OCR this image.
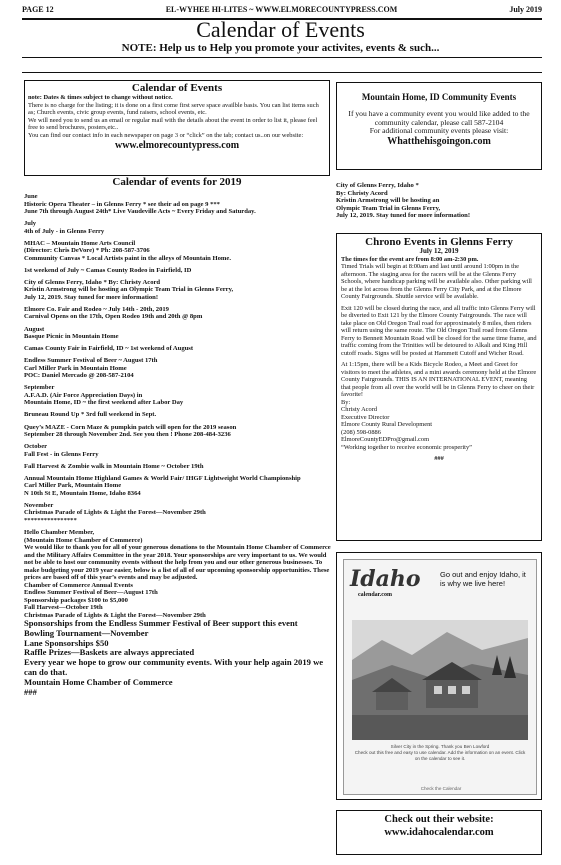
PAGE 12	EL-WYHEE HI-LITES ~ WWW.ELMORECOUNTYPRESS.COM	July 2019
Calendar of Events
NOTE: Help us to Help you promote your activites, events & such...
Calendar of Events
note: Dates & times subject to change without notice.
There is no charge for the listing; it is done on a first come first serve space availble basis. You can list items such as; Church events, civic group events, fund raisers, school events, etc.
We will need you to send us an email or regular mail with the details about the event in order to list it, please feel free to send brochures, posters,etc..
You can find our contact info in each newspaper on page 3 or “click” on the tab; contact us..on our website:
www.elmorecountypress.com
Calendar of events for 2019

June
Historic Opera Theater – in Glenns Ferry * see their ad on page 9 ***
June 7th through August 24th* Live Vaudeville Acts ~ Every Friday and Saturday.

July
4th of July - in Glenns Ferry

MHAC – Mountain Home Arts Council
(Director: Chris DeVore) * Ph: 208-587-3706
Community Canvas * Local Artists paint in the alleys of Mountain Home.

1st weekend of July ~ Camas County Rodeo in Fairfield, ID

City of Glenns Ferry, Idaho * By: Christy Acord
Kristin Armstrong will be hosting an Olympic Team Trial in Glenns Ferry,
July 12, 2019. Stay tuned for more information!

Elmore Co. Fair and Rodeo ~ July 14th - 20th, 2019
Carnival Opens on the 17th, Open Rodeo 19th and 20th @ 8pm

August
Basque Picnic in Mountain Home

Camas County Fair in Fairfield, ID ~ 1st weekend of August

Endless Summer Festival of Beer ~ August 17th
Carl Miller Park in Mountain Home
POC: Daniel Mercado @ 208-587-2104

September
A.F.A.D. (Air Force Appreciation Days) in
Mountain Home, ID ~ the first weekend after Labor Day

Bruneau Round Up * 3rd full weekend in Sept.

Quey’s MAZE - Corn Maze & pumpkin patch will open for the 2019 season
September 28 through November 2nd. See you then ! Phone 208-484-3236

October
Fall Fest - in Glenns Ferry

Fall Harvest & Zombie walk in Mountain Home ~ October 19th

Annual Mountain Home Highland Games & World Fair/ IHGF Lightweight World Championship
Carl Miller Park, Mountain Home
N 10th St E, Mountain Home, Idaho 8364

November
Christmas Parade of Lights & Light the Forest—November 29th
****************

Hello Chamber Member,
(Mountain Home Chamber of Commerce)
We would like to thank you for all of your generous donations to the Mountain Home Chamber of Commerce and the Military Affairs Committee in the year 2018. Your sponsorships are very important to us. We would not be able to host our community events without the help from you and our other generous businesses. To make budgeting your 2019 year easier, below is a list of all of our upcoming sponsorship opportunities. These prices are based off of this year’s events and may be adjusted.
Chamber of Commerce Annual Events
Endless Summer Festival of Beer—August 17th
Sponsorship packages $100 to $5,000
Fall Harvest—October 19th
Christmas Parade of Lights & Light the Forest—November 29th

Sponsorships from the Endless Summer Festival of Beer support this event
Bowling Tournament—November
Lane Sponsorships $50
Raffle Prizes—Baskets are always appreciated
Every year we hope to grow our community events. With your help again 2019 we can do that.
Mountain Home Chamber of Commerce
###

Mountain Home, ID Community Events
If you have a community event you would like added to the community calendar, please call 587-2104
For additional community events please visit:
Whatthehisgoingon.com
City of Glenns Ferry, Idaho *
By: Christy Acord
Kristin Armstrong will be hosting an
Olympic Team Trial in Glenns Ferry,
July 12, 2019. Stay tuned for more information!
Chrono Events in Glenns Ferry
July 12, 2019
The times for the event are from 8:00 am-2:30 pm.

Timed Trials will begin at 8:00am and last until around 1:00pm in the afternoon. The staging area for the racers will be at the Glenns Ferry Schools, where handicap parking will be available also. Other parking will be at the lot across from the Glenns Ferry City Park, and at the Elmore County Fairgrounds. Shuttle service will be available.

Exit 120 will be closed during the race, and all traffic into Glenns Ferry will be diverted to Exit 121 by the Elmore County Fairgrounds. The race will take place on Old Oregon Trail road for approximately 8 miles, then riders will return using the same route. The Old Oregon Trail road from Glenns Ferry to Bennett Mountain Road will be closed for the same time frame, and traffic coming from the Trinities will be detoured to Alkali and King Hill cutoff roads. Signs will be posted at Hammett Cutoff and Wicher Road.

At 1:15pm, there will be a Kids Bicycle Rodeo, a Meet and Greet for visitors to meet the athletes, and a mini awards ceremony held at the Elmore County Fairgrounds. THIS IS AN INTERNATIONAL EVENT, meaning that people from all over the world will be in Glenns Ferry to cheer on their favorite!
By:
Christy Acord
Executive Director
Elmore County Rural Development
(208) 598-0886
ElmoreCountyEDPro@gmail.com
“Working together to receive economic prosperity”

###
Idaho
calendar.com
Go out and enjoy Idaho, it is why we live here!
Silver City in the Spring. Thank you Ben Lowford
Check out this free and easy to use calendar. Add the information on an event. Click on the calendar to see it.
Check the Calendar
Check out their website:
www.idahocalendar.com
